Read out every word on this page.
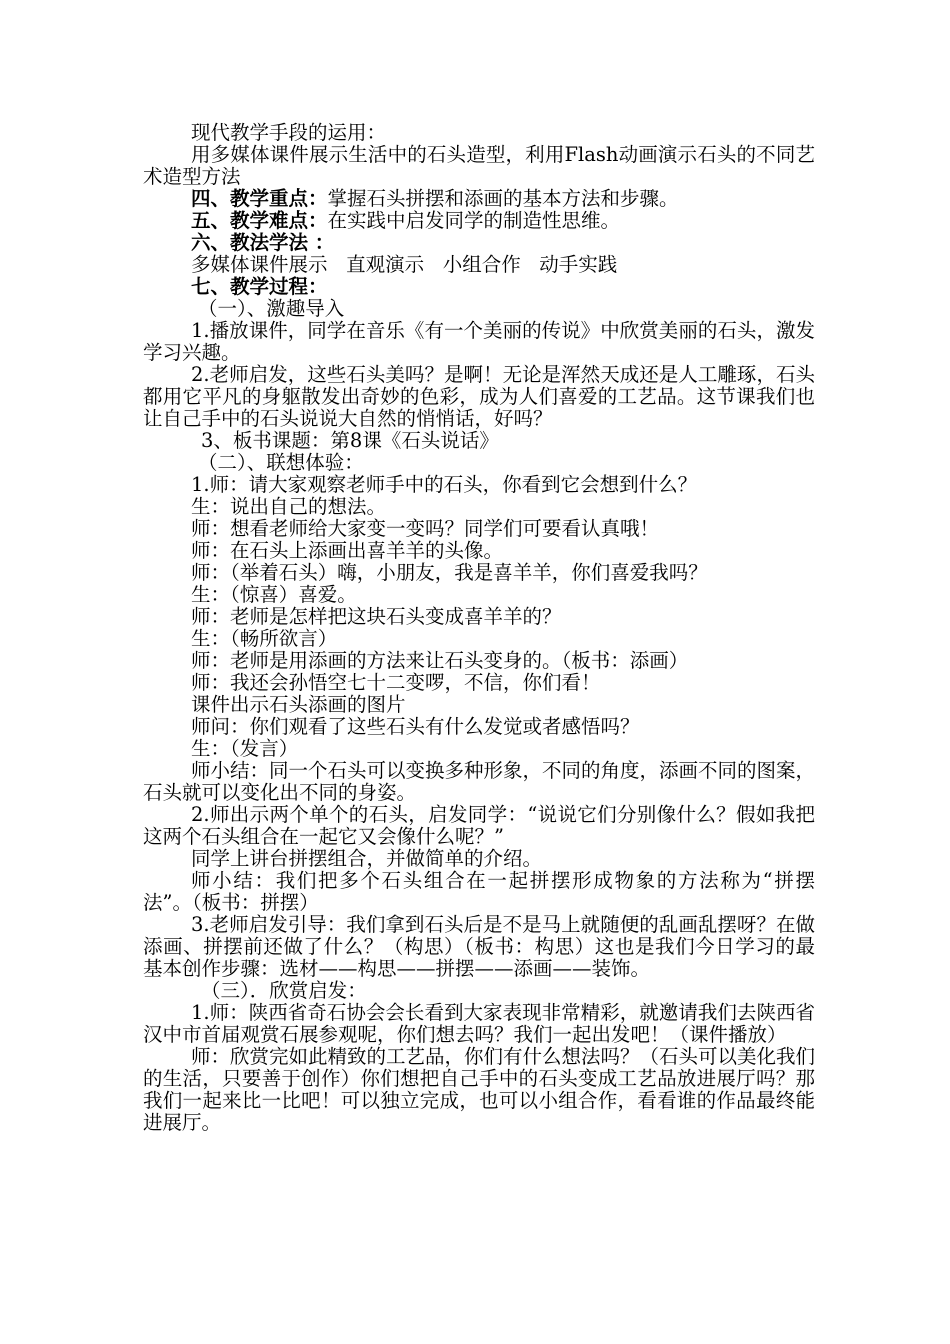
现代教学手段的运用：

用多媒体课件展示生活中的石头造型，利用Flash动画演示石头的不同艺术造型方法

四、教学重点：掌握石头拼摆和添画的基本方法和步骤。

五、教学难点：在实践中启发同学的制造性思维。

六、教法学法 ：

多媒体课件展示   直观演示   小组合作   动手实践

七、教学过程：

（一）、激趣导入

1.播放课件，同学在音乐《有一个美丽的传说》中欣赏美丽的石头，激发学习兴趣。

2.老师启发，这些石头美吗？是啊！无论是浑然天成还是人工雕琢，石头都用它平凡的身躯散发出奇妙的色彩，成为人们喜爱的工艺品。这节课我们也让自己手中的石头说说大自然的悄悄话，好吗？

3、板书课题：第8课《石头说话》

（二）、联想体验：

1.师：请大家观察老师手中的石头，你看到它会想到什么？

生：说出自己的想法。

师：想看老师给大家变一变吗？同学们可要看认真哦！

师：在石头上添画出喜羊羊的头像。

师：（举着石头）嗨，小朋友，我是喜羊羊，你们喜爱我吗？

生：（惊喜）喜爱。

师：老师是怎样把这块石头变成喜羊羊的？

生：（畅所欲言）

师：老师是用添画的方法来让石头变身的。（板书：添画）

师：我还会孙悟空七十二变啰，不信，你们看！

课件出示石头添画的图片

师问：你们观看了这些石头有什么发觉或者感悟吗？

生：（发言）

师小结：同一个石头可以变换多种形象，不同的角度，添画不同的图案，石头就可以变化出不同的身姿。

2.师出示两个单个的石头，启发同学：“说说它们分别像什么？假如我把这两个石头组合在一起它又会像什么呢？”

同学上讲台拼摆组合，并做简单的介绍。

师小结：我们把多个石头组合在一起拼摆形成物象的方法称为“拼摆法”。（板书：拼摆）

3.老师启发引导：我们拿到石头后是不是马上就随便的乱画乱摆呀？在做添画、拼摆前还做了什么？（构思）（板书：构思）这也是我们今日学习的最基本创作步骤：选材——构思——拼摆——添画——装饰。

（三）．欣赏启发：

1.师：陕西省奇石协会会长看到大家表现非常精彩，就邀请我们去陕西省汉中市首届观赏石展参观呢，你们想去吗？我们一起出发吧！（课件播放）

师：欣赏完如此精致的工艺品，你们有什么想法吗？（石头可以美化我们的生活，只要善于创作）你们想把自己手中的石头变成工艺品放进展厅吗？那我们一起来比一比吧！可以独立完成，也可以小组合作，看看谁的作品最终能进展厅。
